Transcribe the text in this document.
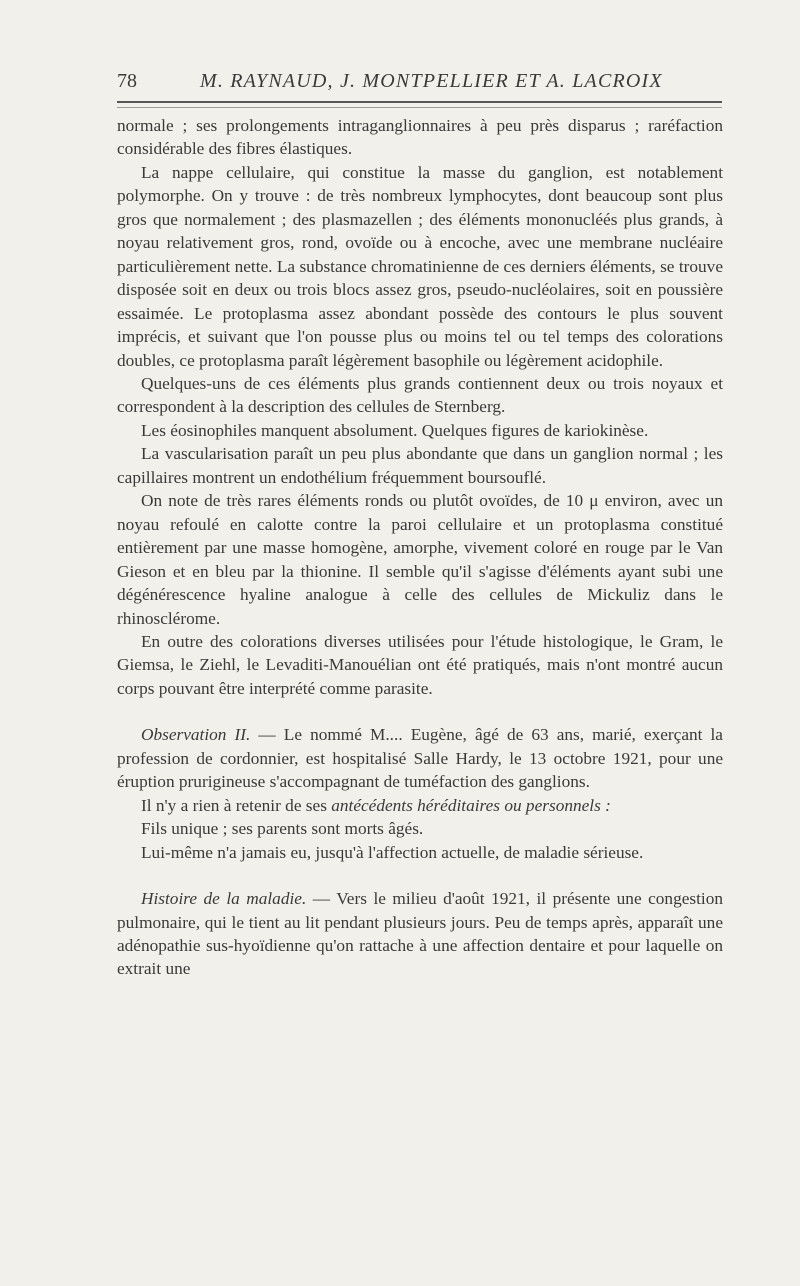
78	M. RAYNAUD, J. MONTPELLIER ET A. LACROIX

normale ; ses prolongements intraganglionnaires à peu près disparus ; raréfaction considérable des fibres élastiques.

La nappe cellulaire, qui constitue la masse du ganglion, est notablement polymorphe. On y trouve : de très nombreux lymphocytes, dont beaucoup sont plus gros que normalement ; des plasmazellen ; des éléments mononucléés plus grands, à noyau relativement gros, rond, ovoïde ou à encoche, avec une membrane nucléaire particulièrement nette. La substance chromatinienne de ces derniers éléments, se trouve disposée soit en deux ou trois blocs assez gros, pseudo-nucléolaires, soit en poussière essaimée. Le protoplasma assez abondant possède des contours le plus souvent imprécis, et suivant que l'on pousse plus ou moins tel ou tel temps des colorations doubles, ce protoplasma paraît légèrement basophile ou légèrement acidophile.

Quelques-uns de ces éléments plus grands contiennent deux ou trois noyaux et correspondent à la description des cellules de Sternberg.

Les éosinophiles manquent absolument. Quelques figures de kariokinèse.

La vascularisation paraît un peu plus abondante que dans un ganglion normal ; les capillaires montrent un endothélium fréquemment boursouflé.

On note de très rares éléments ronds ou plutôt ovoïdes, de 10 μ environ, avec un noyau refoulé en calotte contre la paroi cellulaire et un protoplasma constitué entièrement par une masse homogène, amorphe, vivement coloré en rouge par le Van Gieson et en bleu par la thionine. Il semble qu'il s'agisse d'éléments ayant subi une dégénérescence hyaline analogue à celle des cellules de Mickuliz dans le rhinosclérome.

En outre des colorations diverses utilisées pour l'étude histologique, le Gram, le Giemsa, le Ziehl, le Levaditi-Manouélian ont été pratiqués, mais n'ont montré aucun corps pouvant être interprété comme parasite.

Observation II. — Le nommé M.... Eugène, âgé de 63 ans, marié, exerçant la profession de cordonnier, est hospitalisé Salle Hardy, le 13 octobre 1921, pour une éruption prurigineuse s'accompagnant de tuméfaction des ganglions.

Il n'y a rien à retenir de ses antécédents héréditaires ou personnels :

Fils unique ; ses parents sont morts âgés.

Lui-même n'a jamais eu, jusqu'à l'affection actuelle, de maladie sérieuse.

Histoire de la maladie. — Vers le milieu d'août 1921, il présente une congestion pulmonaire, qui le tient au lit pendant plusieurs jours. Peu de temps après, apparaît une adénopathie sus-hyoïdienne qu'on rattache à une affection dentaire et pour laquelle on extrait une
